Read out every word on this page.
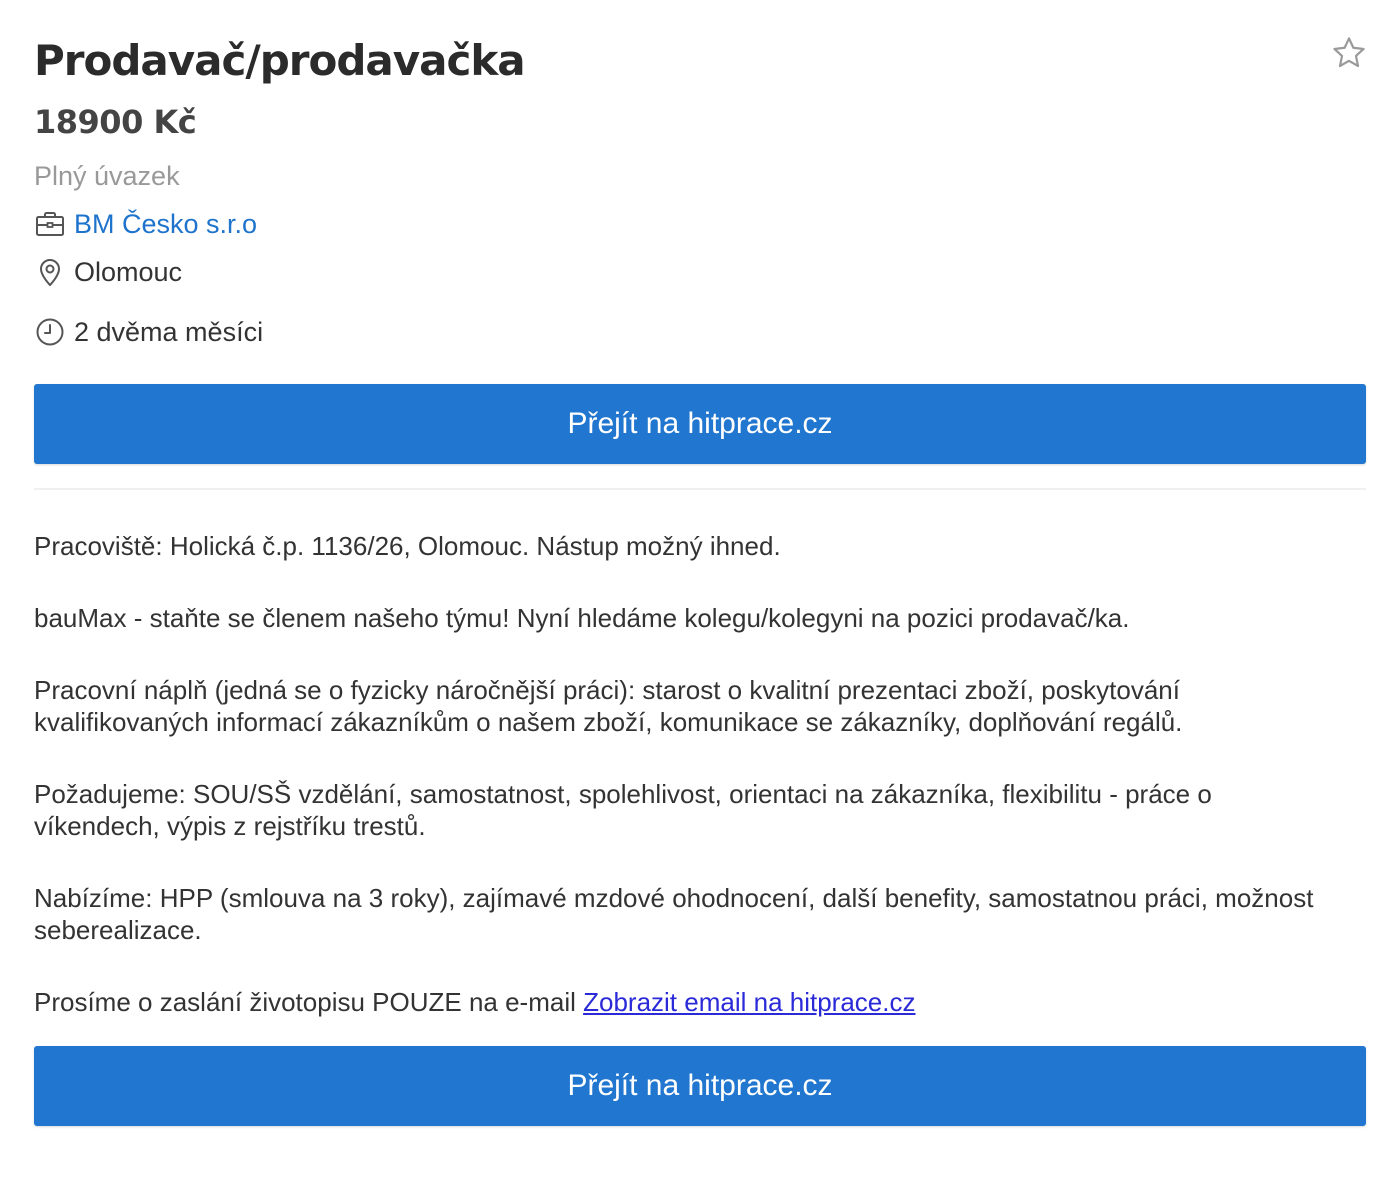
Prodavač/prodavačka
18900 Kč
Plný úvazek
BM Česko s.r.o
Olomouc
2 dvěma měsíci
Přejít na hitprace.cz

Pracoviště: Holická č.p. 1136/26, Olomouc. Nástup možný ihned.

bauMax - staňte se členem našeho týmu! Nyní hledáme kolegu/kolegyni na pozici prodavač/ka.

Pracovní náplň (jedná se o fyzicky náročnější práci): starost o kvalitní prezentaci zboží, poskytování kvalifikovaných informací zákazníkům o našem zboží, komunikace se zákazníky, doplňování regálů.

Požadujeme: SOU/SŠ vzdělání, samostatnost, spolehlivost, orientaci na zákazníka, flexibilitu - práce o víkendech, výpis z rejstříku trestů.

Nabízíme: HPP (smlouva na 3 roky), zajímavé mzdové ohodnocení, další benefity, samostatnou práci, možnost seberealizace.

Prosíme o zaslání životopisu POUZE na e-mail Zobrazit email na hitprace.cz

Přejít na hitprace.cz
